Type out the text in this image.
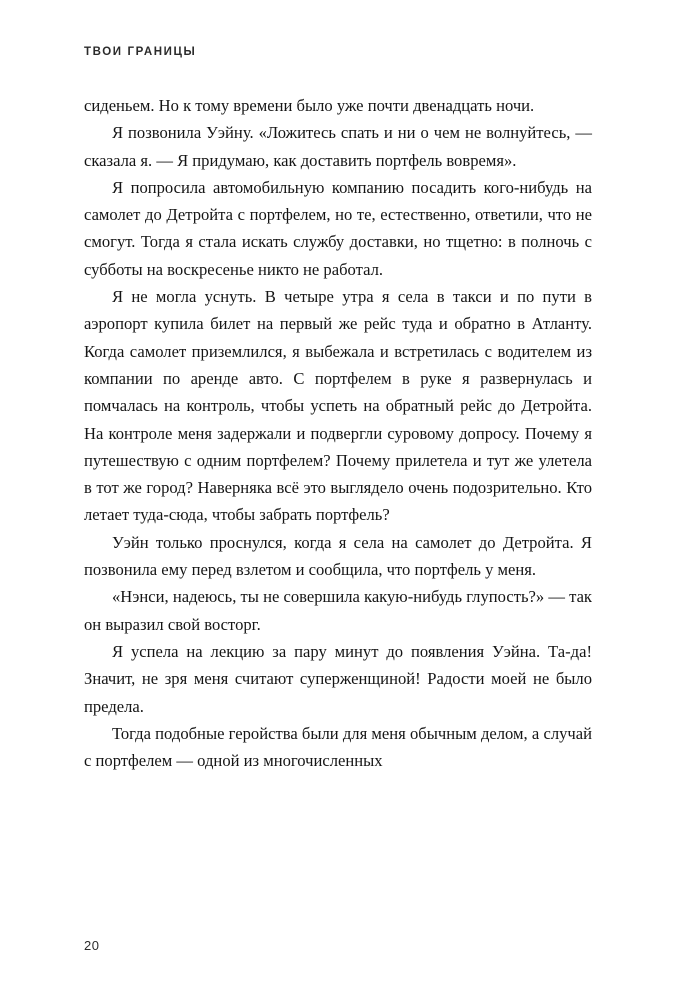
ТВОИ ГРАНИЦЫ

сиденьем. Но к тому времени было уже почти двенадцать ночи.

Я позвонила Уэйну. «Ложитесь спать и ни о чем не волнуйтесь, — сказала я. — Я придумаю, как доставить портфель вовремя».

Я попросила автомобильную компанию посадить кого-нибудь на самолет до Детройта с портфелем, но те, естественно, ответили, что не смогут. Тогда я стала искать службу доставки, но тщетно: в полночь с субботы на воскресенье никто не работал.

Я не могла уснуть. В четыре утра я села в такси и по пути в аэропорт купила билет на первый же рейс туда и обратно в Атланту. Когда самолет приземлился, я выбежала и встретилась с водителем из компании по аренде авто. С портфелем в руке я развернулась и помчалась на контроль, чтобы успеть на обратный рейс до Детройта. На контроле меня задержали и подвергли суровому допросу. Почему я путешествую с одним портфелем? Почему прилетела и тут же улетела в тот же город? Наверняка всё это выглядело очень подозрительно. Кто летает туда-сюда, чтобы забрать портфель?

Уэйн только проснулся, когда я села на самолет до Детройта. Я позвонила ему перед взлетом и сообщила, что портфель у меня.

«Нэнси, надеюсь, ты не совершила какую-нибудь глупость?» — так он выразил свой восторг.

Я успела на лекцию за пару минут до появления Уэйна. Та-да! Значит, не зря меня считают суперженщиной! Радости моей не было предела.

Тогда подобные геройства были для меня обычным делом, а случай с портфелем — одной из многочисленных

20
